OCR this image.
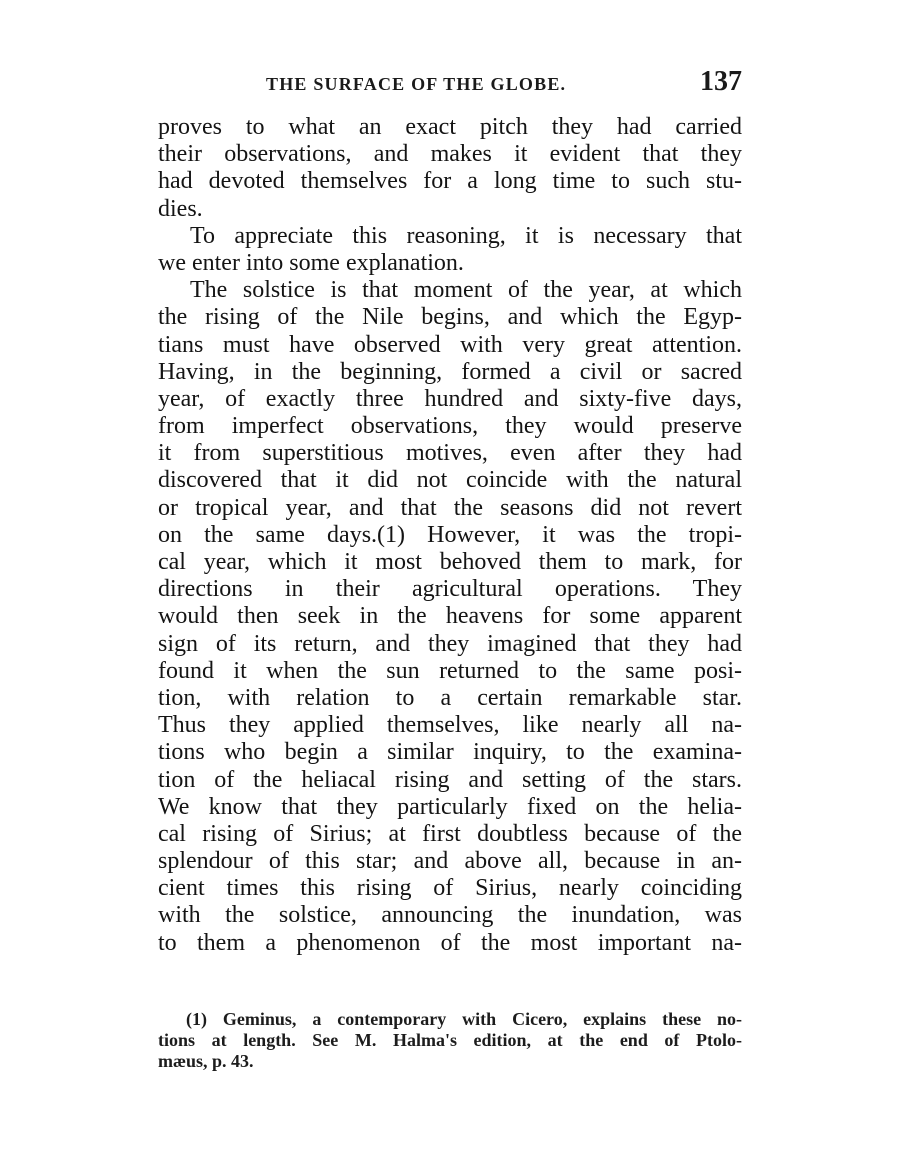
THE SURFACE OF THE GLOBE.	137
proves to what an exact pitch they had carried
their observations, and makes it evident that they
had devoted themselves for a long time to such stu-
dies.
To appreciate this reasoning, it is necessary that
we enter into some explanation.
The solstice is that moment of the year, at which
the rising of the Nile begins, and which the Egyp-
tians must have observed with very great attention.
Having, in the beginning, formed a civil or sacred
year, of exactly three hundred and sixty-five days,
from imperfect observations, they would preserve
it from superstitious motives, even after they had
discovered that it did not coincide with the natural
or tropical year, and that the seasons did not revert
on the same days.(1) However, it was the tropi-
cal year, which it most behoved them to mark, for
directions in their agricultural operations. They
would then seek in the heavens for some apparent
sign of its return, and they imagined that they had
found it when the sun returned to the same posi-
tion, with relation to a certain remarkable star.
Thus they applied themselves, like nearly all na-
tions who begin a similar inquiry, to the examina-
tion of the heliacal rising and setting of the stars.
We know that they particularly fixed on the helia-
cal rising of Sirius; at first doubtless because of the
splendour of this star; and above all, because in an-
cient times this rising of Sirius, nearly coinciding
with the solstice, announcing the inundation, was
to them a phenomenon of the most important na-
(1) Geminus, a contemporary with Cicero, explains these no-
tions at length. See M. Halma's edition, at the end of Ptolo-
mæus, p. 43.
